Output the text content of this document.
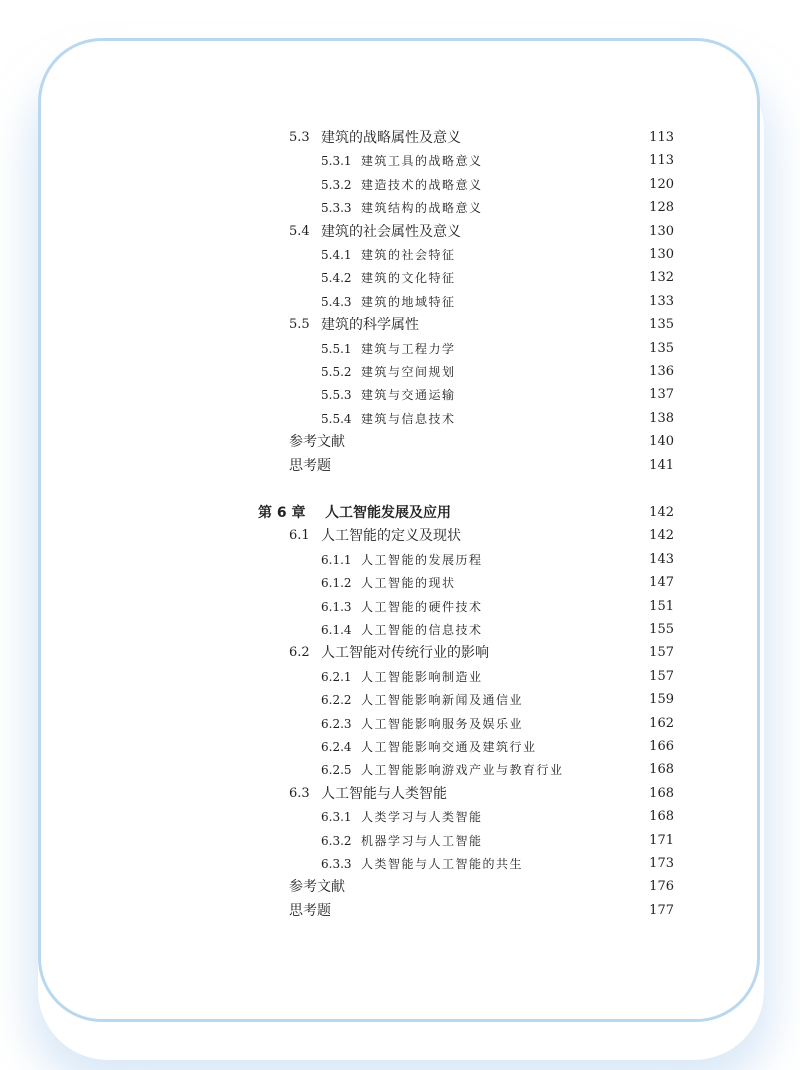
5.3 建筑的战略属性及意义	113
5.3.1 建筑工具的战略意义	113
5.3.2 建造技术的战略意义	120
5.3.3 建筑结构的战略意义	128
5.4 建筑的社会属性及意义	130
5.4.1 建筑的社会特征	130
5.4.2 建筑的文化特征	132
5.4.3 建筑的地域特征	133
5.5 建筑的科学属性	135
5.5.1 建筑与工程力学	135
5.5.2 建筑与空间规划	136
5.5.3 建筑与交通运输	137
5.5.4 建筑与信息技术	138
参考文献	140
思考题	141
第 6 章 人工智能发展及应用	142
6.1 人工智能的定义及现状	142
6.1.1 人工智能的发展历程	143
6.1.2 人工智能的现状	147
6.1.3 人工智能的硬件技术	151
6.1.4 人工智能的信息技术	155
6.2 人工智能对传统行业的影响	157
6.2.1 人工智能影响制造业	157
6.2.2 人工智能影响新闻及通信业	159
6.2.3 人工智能影响服务及娱乐业	162
6.2.4 人工智能影响交通及建筑行业	166
6.2.5 人工智能影响游戏产业与教育行业	168
6.3 人工智能与人类智能	168
6.3.1 人类学习与人类智能	168
6.3.2 机器学习与人工智能	171
6.3.3 人类智能与人工智能的共生	173
参考文献	176
思考题	177
